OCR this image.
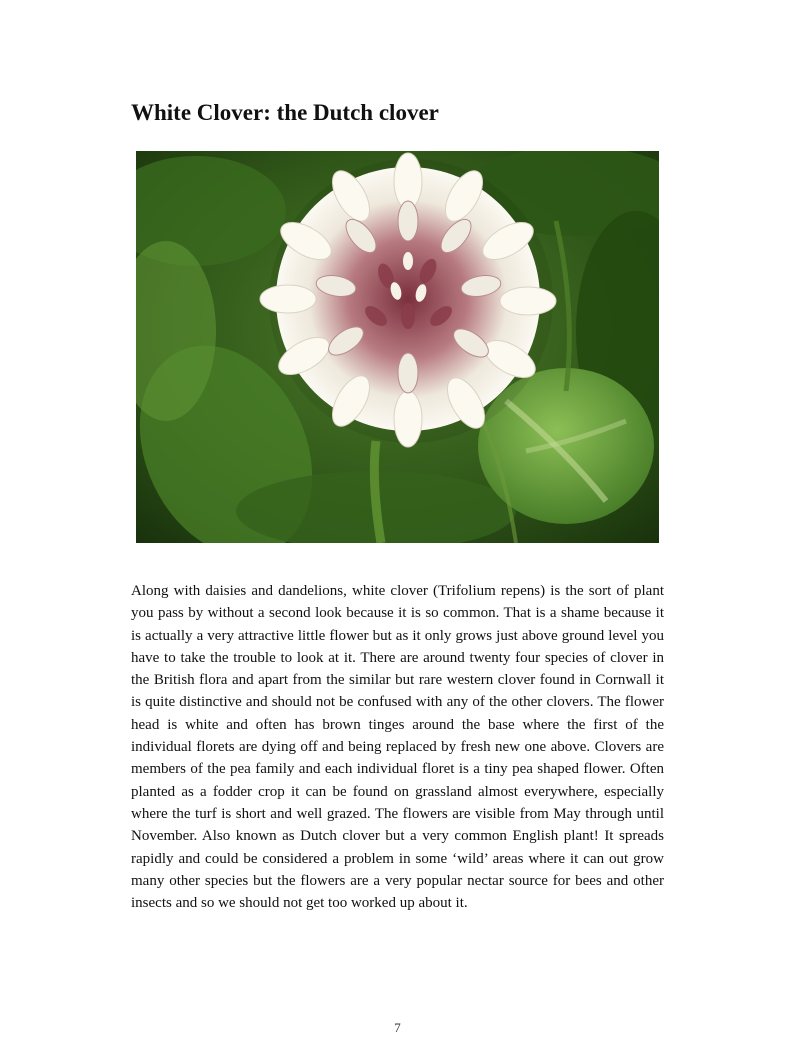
White Clover: the Dutch clover

Along with daisies and dandelions, white clover (Trifolium repens) is the sort of plant you pass by without a second look because it is so common. That is a shame because it is actually a very attractive little flower but as it only grows just above ground level you have to take the trouble to look at it. There are around twenty four species of clover in the British flora and apart from the similar but rare western clover found in Cornwall it is quite distinctive and should not be confused with any of the other clovers. The flower head is white and often has brown tinges around the base where the first of the individual florets are dying off and being replaced by fresh new one above. Clovers are members of the pea family and each individual floret is a tiny pea shaped flower. Often planted as a fodder crop it can be found on grassland almost everywhere, especially where the turf is short and well grazed. The flowers are visible from May through until November. Also known as Dutch clover but a very common English plant! It spreads rapidly and could be considered a problem in some ‘wild’ areas where it can out grow many other species but the flowers are a very popular nectar source for bees and other insects and so we should not get too worked up about it.

7
